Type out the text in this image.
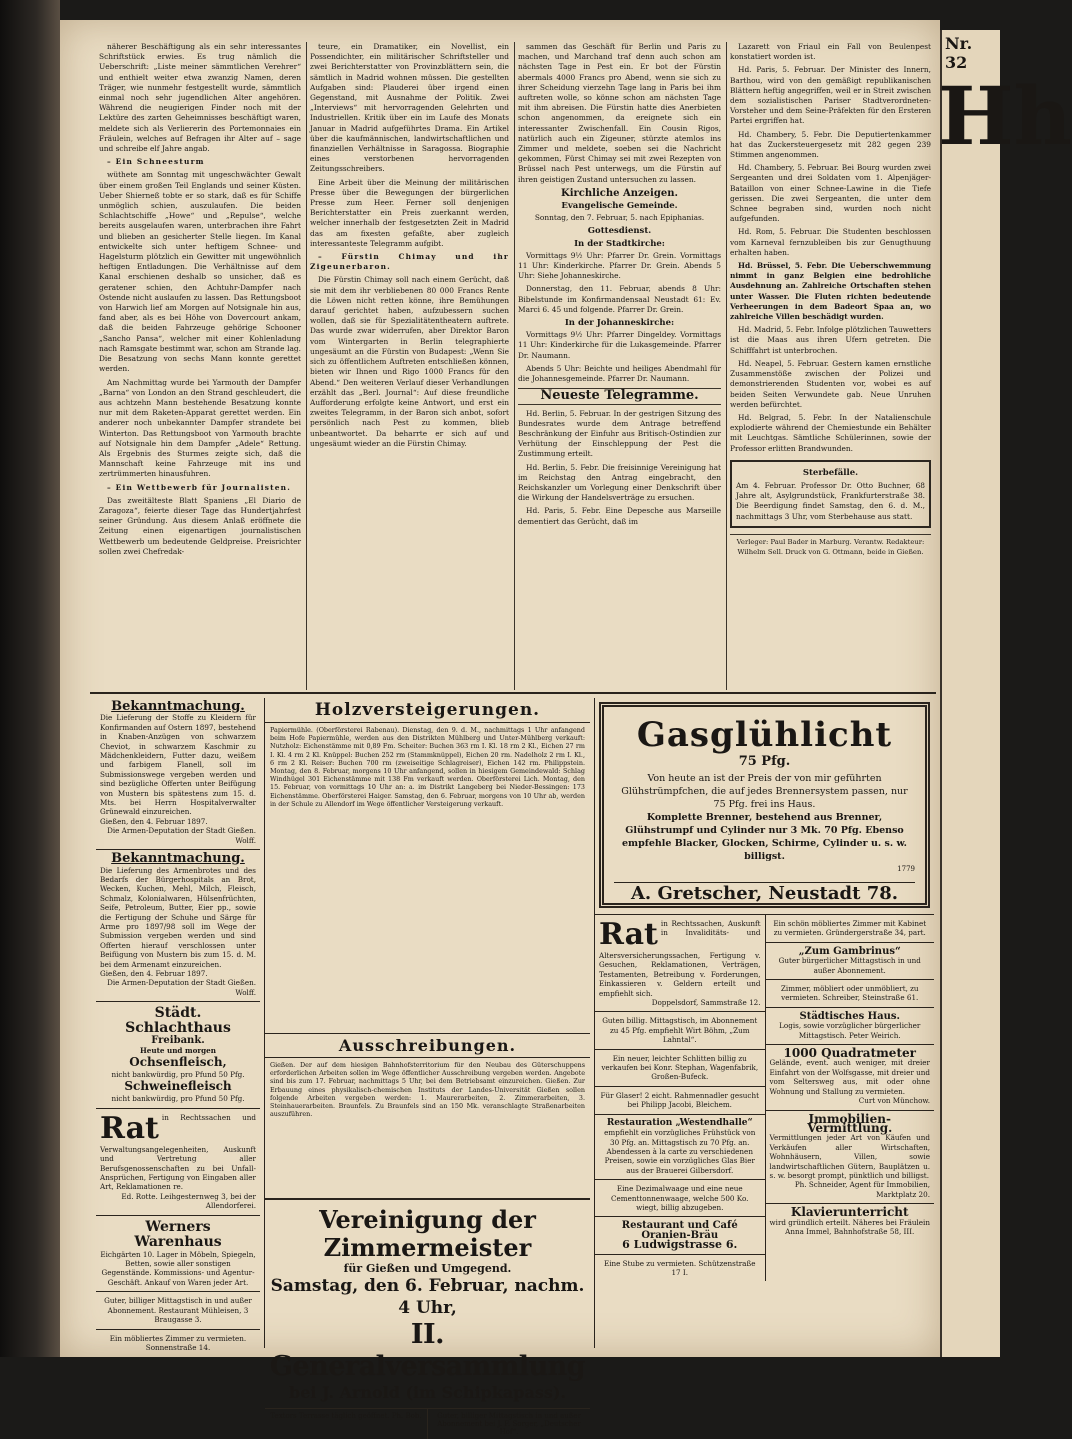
näherer Beschäftigung als ein sehr interessantes Schriftstück erwies. Es trug nämlich die Ueberschrift: „Liste meiner sämmtlichen Verehrer“ und enthielt weiter etwa zwanzig Namen, deren Träger, wie nunmehr festgestellt wurde, sämmtlich einmal noch sehr jugendlichen Alter angehören. Während die neugierigen Finder noch mit der Lektüre des zarten Geheimnisses beschäftigt waren, meldete sich als Verliererin des Portemonnaies ein Fräulein, welches auf Befragen ihr Alter auf – sage und schreibe elf Jahre angab.

– Ein Schneesturm

wüthete am Sonntag mit ungeschwächter Gewalt über einem großen Teil Englands und seiner Küsten. Ueber Shierneß tobte er so stark, daß es für Schiffe unmöglich schien, auszulaufen. Die beiden Schlachtschiffe „Howe“ und „Repulse“, welche bereits ausgelaufen waren, unterbrachen ihre Fahrt und blieben an gesicherter Stelle liegen. Im Kanal entwickelte sich unter heftigem Schnee- und Hagelsturm plötzlich ein Gewitter mit ungewöhnlich heftigen Entladungen. Die Verhältnisse auf dem Kanal erschienen deshalb so unsicher, daß es geratener schien, den Achtuhr-Dampfer nach Ostende nicht auslaufen zu lassen. Das Rettungsboot von Harwich lief am Morgen auf Notsignale hin aus, fand aber, als es bei Höhe von Dovercourt ankam, daß die beiden Fahrzeuge gehörige Schooner „Sancho Pansa“, welcher mit einer Kohlenladung nach Ramsgate bestimmt war, schon am Strande lag. Die Besatzung von sechs Mann konnte gerettet werden.

Am Nachmittag wurde bei Yarmouth der Dampfer „Barna“ von London an den Strand geschleudert, die aus achtzehn Mann bestehende Besatzung konnte nur mit dem Raketen-Apparat gerettet werden. Ein anderer noch unbekannter Dampfer strandete bei Winterton. Das Rettungsboot von Yarmouth brachte auf Notsignale hin dem Dampfer „Adele“ Rettung. Als Ergebnis des Sturmes zeigte sich, daß die Mannschaft keine Fahrzeuge mit ins und zertrümmerten hinausfuhren.

– Ein Wettbewerb für Journalisten.

Das zweitälteste Blatt Spaniens „El Diario de Zaragoza“, feierte dieser Tage das Hundertjahrfest seiner Gründung. Aus diesem Anlaß eröffnete die Zeitung einen eigenartigen journalistischen Wettbewerb um bedeutende Geldpreise. Preisrichter sollen zwei Chefredak-

teure, ein Dramatiker, ein Novellist, ein Possendichter, ein militärischer Schriftsteller und zwei Berichterstatter von Provinzblättern sein, die sämtlich in Madrid wohnen müssen. Die gestellten Aufgaben sind: Plauderei über irgend einen Gegenstand, mit Ausnahme der Politik. Zwei „Interviews“ mit hervorragenden Gelehrten und Industriellen. Kritik über ein im Laufe des Monats Januar in Madrid aufgeführtes Drama. Ein Artikel über die kaufmännischen, landwirtschaftlichen und finanziellen Verhältnisse in Saragossa. Biographie eines verstorbenen hervorragenden Zeitungsschreibers.

Eine Arbeit über die Meinung der militärischen Presse über die Bewegungen der bürgerlichen Presse zum Heer. Ferner soll denjenigen Berichterstatter ein Preis zuerkannt werden, welcher innerhalb der festgesetzten Zeit in Madrid das am fixesten gefaßte, aber zugleich interessanteste Telegramm aufgibt.

– Fürstin Chimay und ihr Zigeunerbaron.

Die Fürstin Chimay soll nach einem Gerücht, daß sie mit dem ihr verbliebenen 80 000 Francs Rente die Löwen nicht retten könne, ihre Bemühungen darauf gerichtet haben, aufzubessern suchen wollen, daß sie für Spezialitätentheatern auftrete. Das wurde zwar widerrufen, aber Direktor Baron vom Wintergarten in Berlin telegraphierte ungesäumt an die Fürstin von Budapest: „Wenn Sie sich zu öffentlichem Auftreten entschließen können, bieten wir Ihnen und Rigo 1000 Francs für den Abend.“ Den weiteren Verlauf dieser Verhandlungen erzählt das „Berl. Journal“: Auf diese freundliche Aufforderung erfolgte keine Antwort, und erst ein zweites Telegramm, in der Baron sich anbot, sofort persönlich nach Pest zu kommen, blieb unbeantwortet. Da beharrte er sich auf und ungesäumt wieder an die Fürstin Chimay.

sammen das Geschäft für Berlin und Paris zu machen, und Marchand traf denn auch schon am nächsten Tage in Pest ein. Er bot der Fürstin abermals 4000 Francs pro Abend, wenn sie sich zu ihrer Scheidung vierzehn Tage lang in Paris bei ihm auftreten wolle, so könne schon am nächsten Tage mit ihm abreisen. Die Fürstin hatte dies Anerbieten schon angenommen, da ereignete sich ein interessanter Zwischenfall. Ein Cousin Rigos, natürlich auch ein Zigeuner, stürzte atemlos ins Zimmer und meldete, soeben sei die Nachricht gekommen, Fürst Chimay sei mit zwei Rezepten von Brüssel nach Pest unterwegs, um die Fürstin auf ihren geistigen Zustand untersuchen zu lassen.

Kirchliche Anzeigen.
Evangelische Gemeinde.

Sonntag, den 7. Februar, 5. nach Epiphanias.

Gottesdienst.
In der Stadtkirche:

Vormittags 9½ Uhr: Pfarrer Dr. Grein. Vormittags 11 Uhr: Kinderkirche. Pfarrer Dr. Grein. Abends 5 Uhr: Siehe Johanneskirche.

Donnerstag, den 11. Februar, abends 8 Uhr: Bibelstunde im Konfirmandensaal Neustadt 61: Ev. Marci 6. 45 und folgende. Pfarrer Dr. Grein.

In der Johanneskirche:

Vormittags 9½ Uhr: Pfarrer Dingeldey. Vormittags 11 Uhr: Kinderkirche für die Lukasgemeinde. Pfarrer Dr. Naumann.

Abends 5 Uhr: Beichte und heiliges Abendmahl für die Johannesgemeinde. Pfarrer Dr. Naumann.

Neueste Telegramme.

Hd. Berlin, 5. Februar. In der gestrigen Sitzung des Bundesrates wurde dem Antrage betreffend Beschränkung der Einfuhr aus Britisch-Ostindien zur Verhütung der Einschleppung der Pest die Zustimmung erteilt.

Hd. Berlin, 5. Febr. Die freisinnige Vereinigung hat im Reichstag den Antrag eingebracht, den Reichskanzler um Vorlegung einer Denkschrift über die Wirkung der Handelsverträge zu ersuchen.

Hd. Paris, 5. Febr. Eine Depesche aus Marseille dementiert das Gerücht, daß im

Lazarett von Friaul ein Fall von Beulenpest konstatiert worden ist.

Hd. Paris, 5. Februar. Der Minister des Innern, Barthou, wird von den gemäßigt republikanischen Blättern heftig angegriffen, weil er in Streit zwischen dem sozialistischen Pariser Stadtverordneten-Vorsteher und dem Seine-Präfekten für den Ersteren Partei ergriffen hat.

Hd. Chambery, 5. Febr. Die Deputiertenkammer hat das Zuckersteuergesetz mit 282 gegen 239 Stimmen angenommen.

Hd. Chambery, 5. Februar. Bei Bourg wurden zwei Sergeanten und drei Soldaten vom 1. Alpenjäger-Bataillon von einer Schnee-Lawine in die Tiefe gerissen. Die zwei Sergeanten, die unter dem Schnee begraben sind, wurden noch nicht aufgefunden.

Hd. Rom, 5. Februar. Die Studenten beschlossen vom Karneval fernzubleiben bis zur Genugthuung erhalten haben.

Hd. Brüssel, 5. Febr. Die Ueberschwemmung nimmt in ganz Belgien eine bedrohliche Ausdehnung an. Zahlreiche Ortschaften stehen unter Wasser. Die Fluten richten bedeutende Verheerungen in dem Badeort Spaa an, wo zahlreiche Villen beschädigt wurden.

Hd. Madrid, 5. Febr. Infolge plötzlichen Tauwetters ist die Maas aus ihren Ufern getreten. Die Schifffahrt ist unterbrochen.

Hd. Neapel, 5. Februar. Gestern kamen ernstliche Zusammenstöße zwischen der Polizei und demonstrierenden Studenten vor, wobei es auf beiden Seiten Verwundete gab. Neue Unruhen werden befürchtet.

Hd. Belgrad, 5. Febr. In der Natalienschule explodierte während der Chemiestunde ein Behälter mit Leuchtgas. Sämtliche Schülerinnen, sowie der Professor erlitten Brandwunden.

Sterbefälle.
Am 4. Februar. Professor Dr. Otto Buchner, 68 Jahre alt, Asylgrundstück, Frankfurterstraße 38. Die Beerdigung findet Samstag, den 6. d. M., nachmittags 3 Uhr, vom Sterbehause aus statt.
Verleger: Paul Bader in Marburg. Verantw. Redakteur: Wilhelm Sell. Druck von G. Ottmann, beide in Gießen.
Bekanntmachung.
Die Lieferung der Stoffe zu Kleidern für Konfirmanden auf Ostern 1897, bestehend in Knaben-Anzügen von schwarzem Cheviot, in schwarzem Kaschmir zu Mädchenkleidern, Futter dazu, weißem und farbigem Flanell, soll im Submissionswege vergeben werden und sind bezügliche Offerten unter Beifügung von Mustern bis spätestens zum 15. d. Mts. bei Herrn Hospitalverwalter Grünewald einzureichen.
Gießen, den 4. Februar 1897.
Die Armen-Deputation der Stadt Gießen. Wolff.
Bekanntmachung.
Die Lieferung des Armenbrotes und des Bedarfs der Bürgerhospitals an Brot, Wecken, Kuchen, Mehl, Milch, Fleisch, Schmalz, Kolonialwaren, Hülsenfrüchten, Seife, Petroleum, Butter, Eier pp., sowie die Fertigung der Schuhe und Särge für Arme pro 1897/98 soll im Wege der Submission vergeben werden und sind Offerten hierauf verschlossen unter Beifügung von Mustern bis zum 15. d. M. bei dem Armenamt einzureichen.
Gießen, den 4. Februar 1897.
Die Armen-Deputation der Stadt Gießen. Wolff.
Städt. Schlachthaus
Freibank.
Heute und morgen
Ochsenfleisch,
nicht bankwürdig, pro Pfund 50 Pfg.
Schweinefleisch
nicht bankwürdig, pro Pfund 50 Pfg.
Rat in Rechtssachen und Verwaltungsangelegenheiten, Auskunft und Vertretung aller Berufsgenossenschaften zu bei Unfall-Ansprüchen, Fertigung von Eingaben aller Art, Reklamationen re.
Ed. Rotte. Leihgesternweg 3, bei der Allendorferei.
Werners Warenhaus
Eichgärten 10. Lager in Möbeln, Spiegeln, Betten, sowie aller sonstigen Gegenstände. Kommissions- und Agentur-Geschäft. Ankauf von Waren jeder Art.
Guter, billiger Mittagstisch in und außer Abonnement. Restaurant Mühleisen, 3 Braugasse 3.
Ein möbliertes Zimmer zu vermieten. Sonnenstraße 14.
Holzversteigerungen.
Papiermühle. (Oberförsterei Rabenau). Dienstag, den 9. d. M., nachmittags 1 Uhr anfangend beim Hofe Papiermühle, werden aus den Distrikten Mühlberg und Unter-Mühlberg verkauft: Nutzholz: Eichenstämme mit 0,89 Fm. Scheiter: Buchen 363 rm I. Kl. 18 rm 2 Kl., Eichen 27 rm I. Kl. 4 rm 2 Kl. Knüppel: Buchen 252 rm (Stammknüppel), Eichen 20 rm. Nadelholz 2 rm I. Kl., 6 rm 2 Kl. Reiser: Buchen 700 rm (zweiseitige Schlagreiser), Eichen 142 rm. Philippstein. Montag, den 8. Februar, morgens 10 Uhr anfangend, sollen in hiesigem Gemeindewald: Schlag Windhügel 301 Eichenstämme mit 138 Fm verkauft werden. Oberförsterei Lich. Montag, den 15. Februar, von vormittags 10 Uhr an: a. im Distrikt Langeberg bei Nieder-Bessingen: 173 Eichenstämme. Oberförsterei Haiger. Samstag, den 6. Februar, morgens von 10 Uhr ab, werden in der Schule zu Allendorf im Wege öffentlicher Versteigerung verkauft.
Ausschreibungen.
Gießen. Der auf dem hiesigen Bahnhofsterritorium für den Neubau des Güterschuppens erforderlichen Arbeiten sollen im Wege öffentlicher Ausschreibung vergeben werden. Angebote sind bis zum 17. Februar, nachmittags 5 Uhr, bei dem Betriebsamt einzureichen. Gießen. Zur Erbauung eines physikalisch-chemischen Instituts der Landes-Universität Gießen sollen folgende Arbeiten vergeben werden: 1. Maurerarbeiten, 2. Zimmerarbeiten, 3. Steinhauerarbeiten. Braunfels. Zu Braunfels sind an 150 Mk. veranschlagte Straßenarbeiten auszuführen.
Vereinigung der Zimmermeister
für Gießen und Umgegend.
Samstag, den 6. Februar, nachm. 4 Uhr,
II. Generalversammlung
bei J. Arnold (im Schipkapass).
Textors Terrasse täglich geöffnet. Ph. Bob.	Guter, billiger Mittagstisch in und außer Abonnement bei J. F. Sorger, „Deutscher Hof“.
Gasglühlicht
75 Pfg.
Von heute an ist der Preis der von mir geführten Glühstrümpfchen, die auf jedes Brennersystem passen, nur 75 Pfg. frei ins Haus.
Komplette Brenner, bestehend aus Brenner, Glühstrumpf und Cylinder nur 3 Mk. 70 Pfg. Ebenso empfehle Blacker, Glocken, Schirme, Cylinder u. s. w. billigst.
1779
A. Gretscher, Neustadt 78.
Rat in Rechtssachen, Auskunft in Invaliditäts- und Altersversicherungssachen, Fertigung v. Gesuchen, Reklamationen, Verträgen, Testamenten, Betreibung v. Forderungen, Einkassieren v. Geldern erteilt und empfiehlt sich.
Doppelsdorf, Sammstraße 12.
Guten billig. Mittagstisch, im Abonnement zu 45 Pfg. empfiehlt Wirt Böhm, „Zum Lahntal“.
Ein neuer, leichter Schlitten billig zu verkaufen bei Konr. Stephan, Wagenfabrik, Großen-Bufeck.
Für Glaser! 2 eicht. Rahmennadler gesucht bei Philipp Jacobi, Bleichem.
Restauration „Westendhalle“
empfiehlt ein vorzügliches Frühstück von 30 Pfg. an. Mittagstisch zu 70 Pfg. an. Abendessen à la carte zu verschiedenen Preisen, sowie ein vorzügliches Glas Bier aus der Brauerei Gilbersdorf.
Eine Dezimalwaage und eine neue Cementtonnenwaage, welche 500 Ko. wiegt, billig abzugeben.
Restaurant und Café Oranien-Bräu
6 Ludwigstrasse 6.
Eine Stube zu vermieten. Schützenstraße 17 I.
Ein schön möbliertes Zimmer mit Kabinet zu vermieten. Gründergerstraße 34, part.
„Zum Gambrinus“
Guter bürgerlicher Mittagstisch in und außer Abonnement.
Zimmer, möbliert oder unmöbliert, zu vermieten. Schreiber, Steinstraße 61.
Städtisches Haus.
Logis, sowie vorzüglicher bürgerlicher Mittagstisch. Peter Weirich.
1000 Quadratmeter
Gelände, event. auch weniger, mit dreier Einfahrt von der Wolfsgasse, mit dreier und vom Seltersweg aus, mit oder ohne Wohnung und Stallung zu vermieten.
Curt von Münchow.
Immobilien-Vermittlung.
Vermittlungen jeder Art von Käufen und Verkäufen aller Wirtschaften, Wohnhäusern, Villen, sowie landwirtschaftlichen Gütern, Bauplätzen u. s. w. besorgt prompt, pünktlich und billigst.
Ph. Schneider, Agent für Immobilien, Marktplatz 20.
Klavierunterricht
wird gründlich erteilt. Näheres bei Fräulein Anna Immel, Bahnhofstraße 58, III.
Nr. 32
Hh
